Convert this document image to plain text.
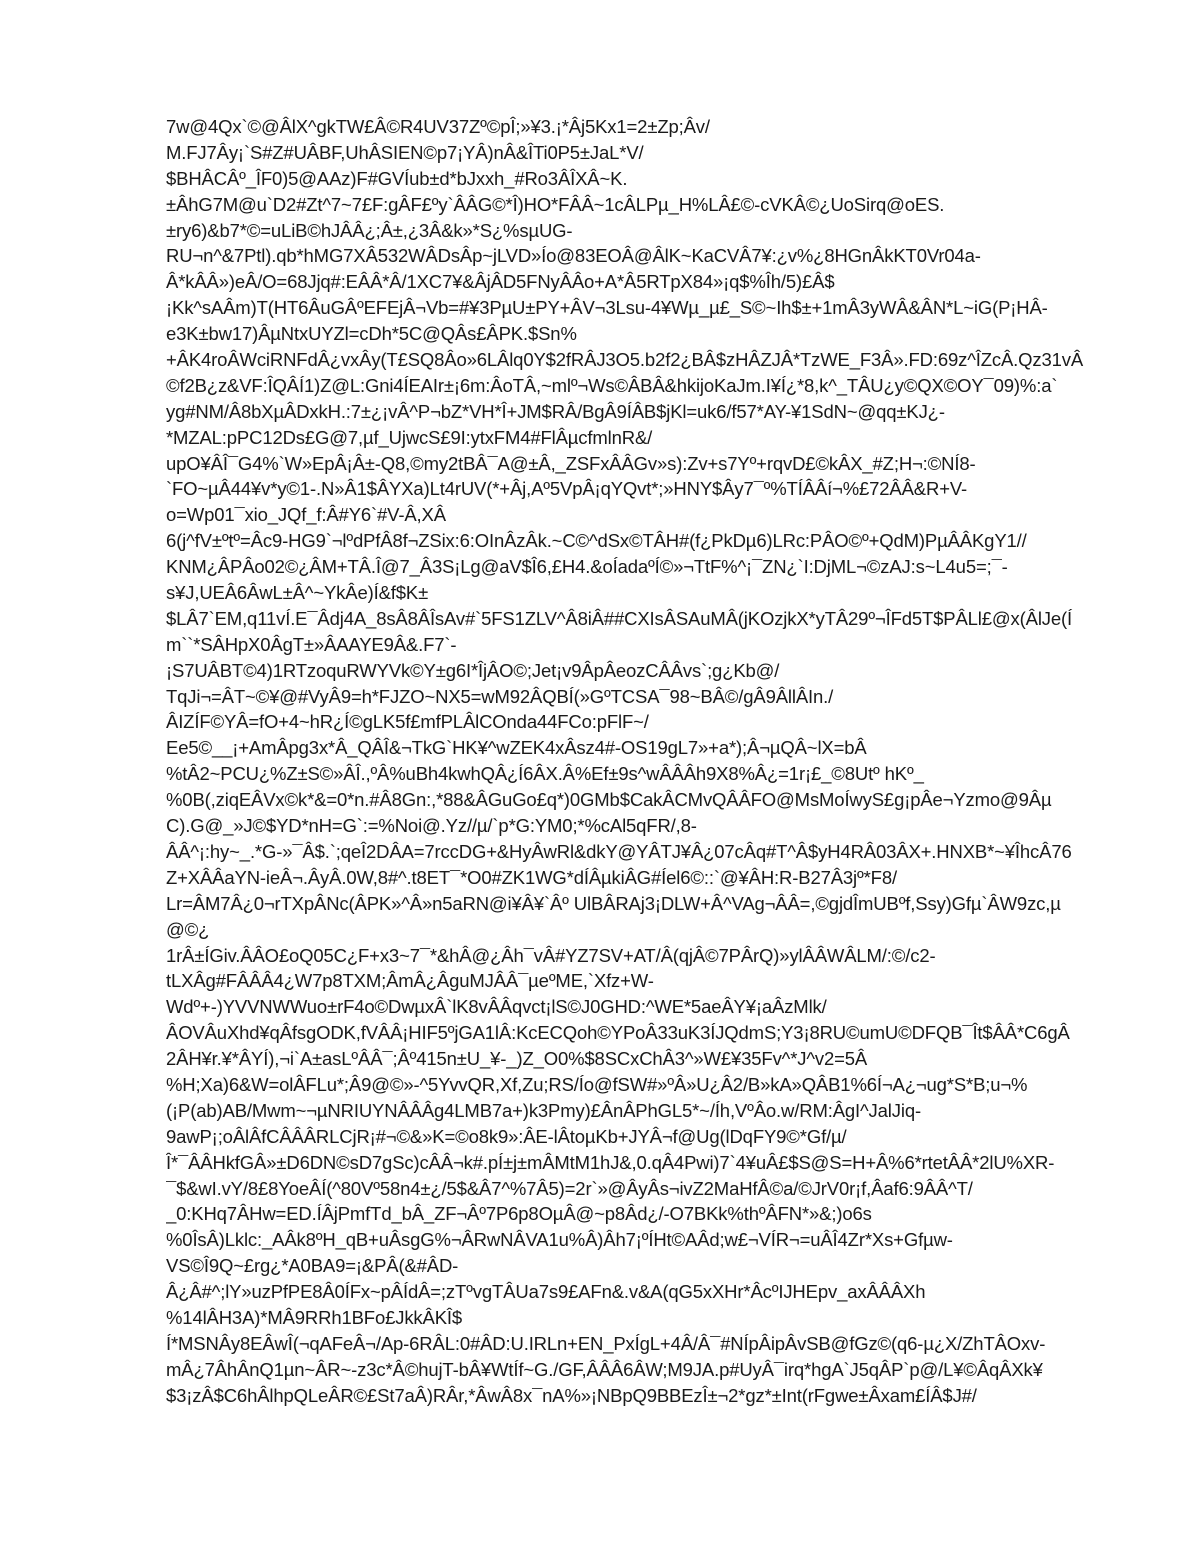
7w@4Qx`©@ÂlX^gkTW£Â©R4UV37Zº©pÎ;»¥3.¡*Âj5Kx1=2±Zp;Âv/
M.FJ7Ây¡`S#Z#UÂBF,UhÂSIEN©p7¡YÂ)nÂ&ÎTi0P5±JaL*V/
$BHÂCÂº_ÎF0)5@AAz)F#GVÍub±d*bJxxh_#Ro3ÂÎXÂ~K.
±ÂhG7M@u`D2#Zt^7~7£F:gÂF£ºy`ÂÂG©*Î)HO*FÂÂ~1cÂLPµ_H%LÂ£©-cVKÂ©¿UoSirq@oES.
±ry6)&b7*©=uLiB©hJÂÂ¿;Â±,¿3Â&k»*S¿%sµUG-
RU¬n^&7Ptl).qb*hMG7XÂ532WÂDsÂp~jLVD»Ío@83EOÂ@ÂlK~KaCVÂ7¥:¿v%¿8HGnÂkKT0Vr04a-
Â*kÂÂ»)eÂ/O=68Jjq#:EÂÂ*Â/1XC7¥&ÂjÂD5FNyÂÂo+A*Â5RTpX84»¡q$%Îh/5)£Â$
¡Kk^sAÂm)T(HT6ÂuGÂºEFEjÂ¬Vb=#¥3PµU±PY+ÂV¬3Lsu-4¥Wµ_µ£_S©~Ih$±+1mÂ3yWÂ&ÂN*L~iG(P¡HÂ-
e3K±bw17)ÂµNtxUYZl=cDh*5C@QÂs£ÂPK.$Sn%
+ÂK4roÂWciRNFdÂ¿vxÂy(T£SQ8Âo»6LÂlq0Y$2fRÂJ3O5.b2f2¿BÂ$zHÂZJÂ*TzWE_F3Â».FD:69z^ÎZcÂ.Qz31vÂ
©f2B¿z&VF:ÎQÂÍ1)Z@L:Gni4ÍEAIr±¡6m:ÂoTÂ,~mlº¬Ws©ÂBÂ&hkijoKaJm.Ι¥Í¿*8,k^_TÂU¿y©QX©OY¯09)%:a`
yg#NM/Â8bXµÂDxkH.:7±¿¡vÂ^P¬bZ*VH*Î+JM$RÂ/BgÂ9ÍÂB$jKl=uk6/f57*AY-¥1SdN~@qq±KJ¿-
*MZAL:pPC12Ds£G@7,µf_UjwcS£9I:ytxFM4#FlÂµcfmlnR&/
upO¥ÂÎ¯G4%`W»EpÂ¡Â±-Q8,©my2tBÂ¯A@±Â,_ZSFxÂÂGv»s):Zv+s7Yº+rqvD£©kÂX_#Z;H¬:©NÍ8-
`FO~µÂ44¥v*y©1-.N»Â1$ÂYXa)Lt4rUV(*+Âj,Aº5VpÂ¡qYQvt*;»HNY$Ây7¯º%TÍÂÂí¬%£72ÂÂ&R+V-
o=Wp01¯xio_JQf_f:Â#Y6`#V-Â,XÂ
6(j^fV±ºtº=Âc9-HG9`¬lºdPfÂ8f¬ZSix:6:OInÂzÂk.~C©^dSx©TÂH#(f¿PkDµ6)LRc:PÂO©º+QdM)PµÂÂKgY1//
KNM¿ÂPÂo02©¿ÂM+TÂ.Î@7_Â3S¡Lg@aV$Î6,£H4.&oÍadaºÍ©»¬TtF%^¡¯ZN¿`I:DjML¬©zAJ:s~L4u5=;¯-
s¥J,UEÂ6ÂwL±Â^~YkÂe)Í&f$K±
$LÂ7`EM,q11vÍ.E¯Âdj4A_8sÂ8ÂÎsAv#`5FS1ZLV^Â8iÂ##CXIsÂSAuMÂ(jKOzjkX*yTÂ29º¬ÎFd5T$PÂLl£@x(ÂlJe(Í
m``*SÂHpX0ÂgT±»ÂAAYE9Â&.F7`-
¡S7UÂBT©4)1RTzoquRWYVk©Y±g6I*ÎjÂO©;Jet¡v9ÂpÂeozCÂÂvs`;g¿Kb@/
TqJi¬=ÂT~©¥@#VyÂ9=h*FJZO~NX5=wM92ÂQBÍ(»GºTCSA¯98~BÂ©/gÂ9ÂllÂIn./
ÂIZÍF©YÂ=fO+4~hR¿Í©gLK5f£mfPLÂlCOnda44FCo:pFlF~/
Ee5©__¡+AmÂpg3x*Â_QÂÎ&¬TkG`HK¥^wZEK4xÂsz4#-OS19gL7»+a*);Â¬µQÂ~lX=bÂ
%tÂ2~PCU¿%Z±S©»ÂÎ.,ºÂ%uBh4kwhQÂ¿Í6ÂX.Â%Ef±9s^wÂÂÂh9X8%Â¿=1r¡£_©8Utº hKº_
%0B(,ziqEÂVx©k*&=0*n.#Â8Gn:,*88&ÂGuGo£q*)0GMb$CakÂCMvQÂÂFO@MsMoÍwyS£g¡pÂe¬Yzmo@9Âµ
C).G@_»J©$YD*nH=G`:=%Noi@.Yz//µ/`p*G:YM0;*%cAl5qFR/,8-
ÂÂ^¡:hy~_.*G-»¯Â$.`;qeÎ2DÂA=7rccDG+&HyÂwRl&dkY@YÂTJ¥Â¿07cÂq#T^Â$yH4RÂ03ÂX+.HNXB*~¥ÎhcÂ76
Z+XÂÂaYN-ieÂ¬.ÂyÂ.0W,8#^.t8ET¯*O0#ZK1WG*dÍÂµkiÂG#Íel6©::`@¥ÂH:R-B27Â3jº*F8/
Lr=ÂM7Â¿0¬rTXpÂNc(ÂPK»^Â»n5aRN@i¥Â¥`Âº UlBÂRAj3¡DLW+Â^VAg¬ÂÂ=,©gjdÎmUBºf,Ssy)Gfµ`ÂW9zc,µ
@©¿
1rÂ±ÍGiv.ÂÂO£oQ05C¿F+x3~7¯*&hÂ@¿Âh¯vÂ#YZ7SV+AT/Â(qjÂ©7PÂrQ)»ylÂÂWÂLM/:©/c2-
tLXÂg#FÂÂÂ4¿W7p8TXM;ÂmÂ¿ÂguMJÂÂ¯µeºME,`Xfz+W-
Wdº+-)YVVNWWuo±rF4o©DwµxÂ`lK8vÂÂqvct¡lS©J0GHD:^WE*5aeÂY¥¡aÂzMlk/
ÂOVÂuXhd¥qÂfsgODK,fVÂÂ¡HIF5ºjGA1lÂ:KcECQoh©YPoÂ33uK3ÍJQdmS;Y3¡8RU©umU©DFQB¯Ît$ÂÂ*C6gÂ
2ÂH¥r.¥*ÂYÍ),¬i`A±asLºÂÂ¯;Âº415n±U_¥-_)Z_O0%$8SCxChÂ3^»W£¥35Fv^*J^v2=5Â
%H;Xa)6&W=olÂFLu*;Â9@©»-^5YvvQR,Xf,Zu;RS/Ío@fSW#»ºÂ»U¿Â2/B»kA»QÂB1%6Í¬A¿¬ug*S*B;u¬%
(¡P(ab)AB/Mwm~¬µNRIUYNÂÂÂg4LMB7a+)k3Pmy)£ÂnÂPhGL5*~/Íh,VºÂo.w/RM:ÂgI^JalJiq-
9awP¡;oÂlÂfCÂÂÂRLCjR¡#¬©&»K=©o8k9»:ÂE-lÂtoµKb+JYÂ¬f@Ug(lDqFY9©*Gf/µ/
Î*¯ÂÂHkfGÂ»±D6DN©sD7gSc)cÂÂ¬k#.pÍ±j±mÂMtM1hJ&,0.qÂ4Pwi)7`4¥uÂ£$S@S=H+Â%6*rtetÂÂ*2lU%XR-
¯$&wI.vY/8£8YoeÂÍ(^80Vº58n4±¿/5$&Â7^%7Â5)=2r`»@ÂyÂs¬ivZ2MaHfÂ©a/©JrV0r¡f,Âaf6:9ÂÂ^T/
_0:KHq7ÂHw=ED.ÍÂjPmfTd_bÂ_ZF¬Âº7P6p8OµÂ@~p8Âd¿/-O7BKk%thºÂFN*»&;)o6s
%0ÎsÂ)Lklc:_AÂk8ºH_qB+uÂsgG%¬ÂRwNÂVA1u%Â)Âh7¡ºÍHt©AÂd;w£¬VÍR¬=uÂÎ4Zr*Xs+Gfµw-
VS©Î9Q~£rg¿*A0BA9=¡&PÂ(&#ÂD-
Â¿Â#^;lY»uzPfPE8Â0ÍFx~pÂÍdÂ=;zTºvgTÂUa7s9£AFn&.v&A(qG5xXHr*ÂcºIJHEpv_axÂÂÂXh
%14lÂH3A)*MÂ9RRh1BFo£JkkÂKÎ$
Í*MSNÂy8EÂwÎ(¬qAFeÂ¬/Ap-6RÂL:0#ÂD:U.IRLn+EN_PxÍgL+4Â/Â¯#NÍpÂipÂvSB@fGz©(q6-µ¿X/ZhTÂOxv-
mÂ¿7ÂhÂnQ1µn~ÂR~-z3c*Â©hujT-bÂ¥WtÍf~G./GF,ÂÂÂ6ÂW;M9JA.p#UyÂ¯irq*hgA`J5qÂP`p@/L¥©ÂqÂXk¥
$3¡zÂ$C6hÂlhpQLeÂR©£St7aÂ)RÂr,*ÂwÂ8x¯nA%»¡NBpQ9BBEzÎ±¬2*gz*±Int(rFgwe±Âxam£ÍÂ$J#/
